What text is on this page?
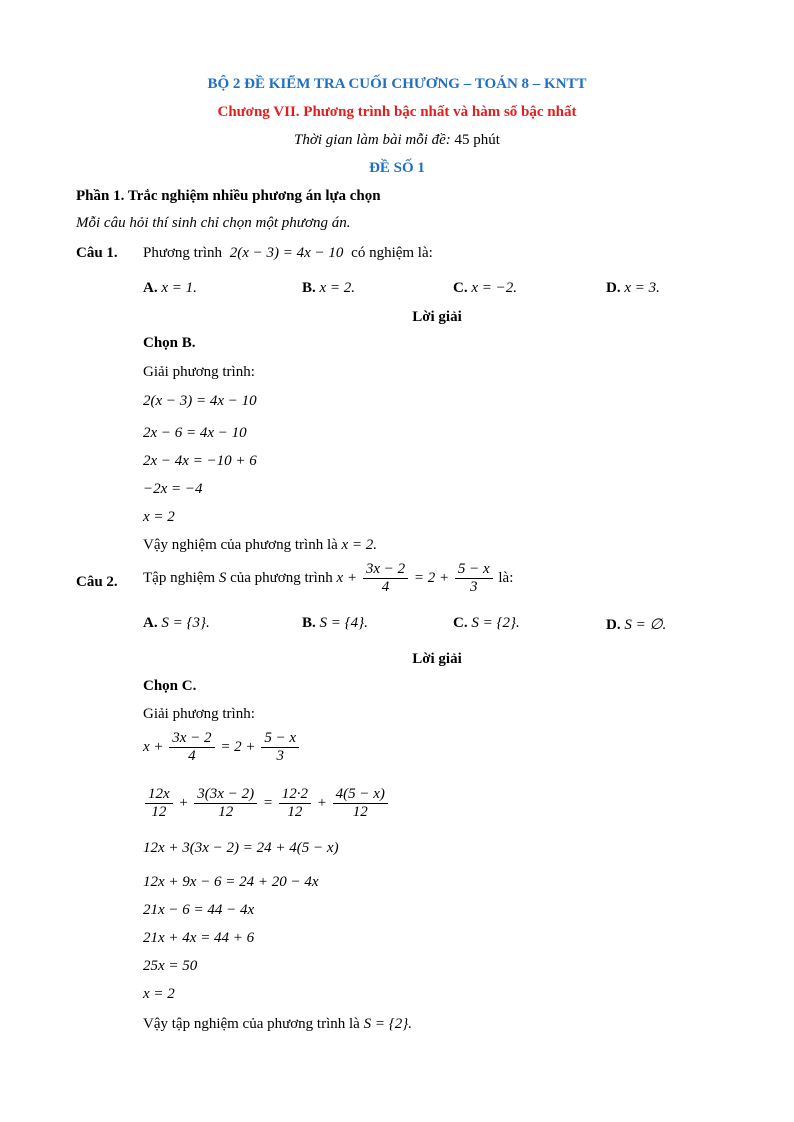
BỘ 2 ĐỀ KIỂM TRA CUỐI CHƯƠNG – TOÁN 8 – KNTT
Chương VII. Phương trình bậc nhất và hàm số bậc nhất
Thời gian làm bài mỗi đề: 45 phút
ĐỀ SỐ 1
Phần 1. Trắc nghiệm nhiều phương án lựa chọn
Mỗi câu hỏi thí sinh chỉ chọn một phương án.
Câu 1. Phương trình 2(x − 3) = 4x − 10 có nghiệm là:
A. x = 1.	B. x = 2.	C. x = −2.	D. x = 3.
Lời giải
Chọn B.
Giải phương trình:
2(x − 3) = 4x − 10
2x − 6 = 4x − 10
2x − 4x = −10 + 6
−2x = −4
x = 2
Vậy nghiệm của phương trình là x = 2.
Câu 2. Tập nghiệm S của phương trình $x + \frac{3x - 2}{4} = 2 + \frac{5 - x}{3}$ là:
A. S = {3}.	B. S = {4}.	C. S = {2}.	D. S = ∅.
Lời giải
Chọn C.
Giải phương trình:
$x + \frac{3x - 2}{4} = 2 + \frac{5 - x}{3}$
$\frac{12x}{12} + \frac{3(3x - 2)}{12} = \frac{12\cdot 2}{12} + \frac{4(5 - x)}{12}$
12x + 3(3x − 2) = 24 + 4(5 − x)
12x + 9x − 6 = 24 + 20 − 4x
21x − 6 = 44 − 4x
21x + 4x = 44 + 6
25x = 50
x = 2
Vậy tập nghiệm của phương trình là S = {2}.
